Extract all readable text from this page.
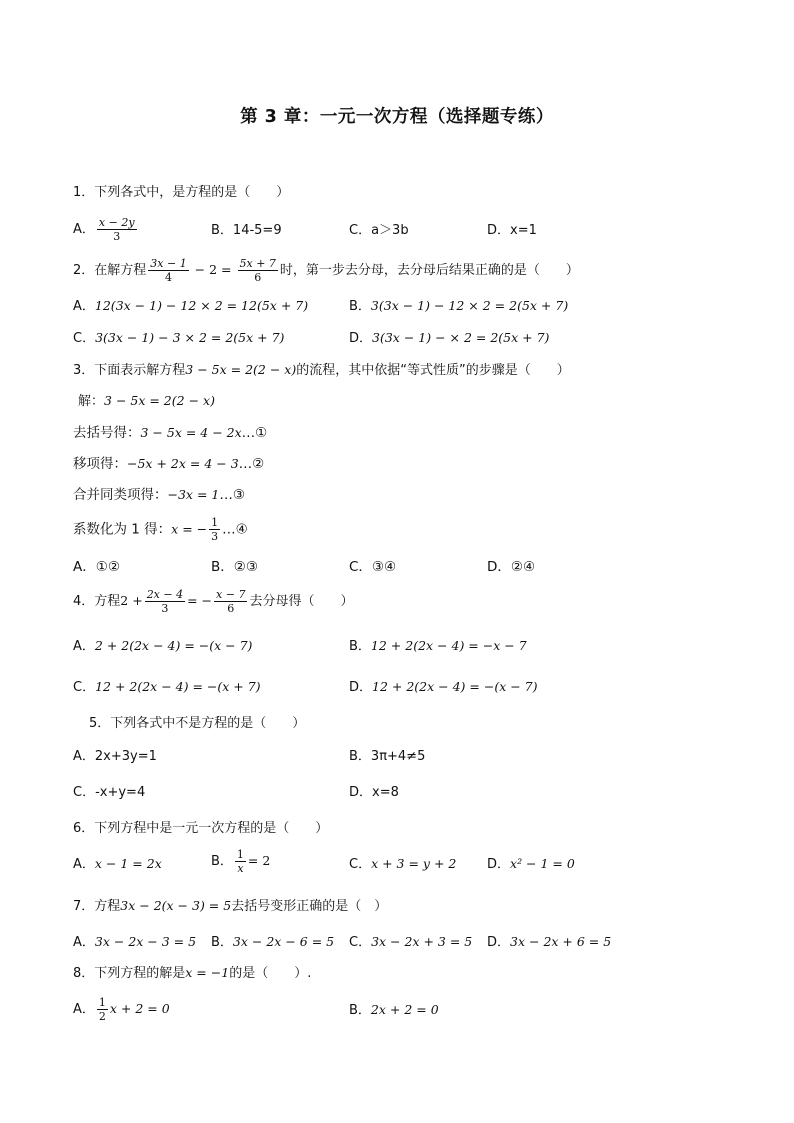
第 3 章：一元一次方程（选择题专练）
1．下列各式中，是方程的是（　　）
A． $\frac{x - 2y}{3}$	B．14-5=9	C．a＞3b	D．x=1
2．在解方程 $\frac{3x - 1}{4} - 2 = \frac{5x + 7}{6}$ 时，第一步去分母，去分母后结果正确的是（　　）
A．12(3x − 1) − 12 × 2 = 12(5x + 7)	B．3(3x − 1) − 12 × 2 = 2(5x + 7)
C．3(3x − 1) − 3 × 2 = 2(5x + 7)	D．3(3x − 1) − × 2 = 2(5x + 7)
3．下面表示解方程3 − 5x = 2(2 − x)的流程，其中依据“等式性质”的步骤是（　　）
解：3 − 5x = 2(2 − x)
去括号得：3 − 5x = 4 − 2x…①
移项得：−5x + 2x = 4 − 3…②
合并同类项得：−3x = 1…③
系数化为 1 得：x = − $\frac{1}{3}$ …④
A．①②	B．②③	C．③④	D．②④
4．方程$2 + \frac{2x - 4}{3}$ = − $\frac{x - 7}{6}$ 去分母得（　　）
A．2 + 2(2x − 4) = −(x − 7)	B．12 + 2(2x − 4) = −x − 7
C．12 + 2(2x − 4) = −(x + 7)	D．12 + 2(2x − 4) = −(x − 7)
5．下列各式中不是方程的是（　　）
A．2x+3y=1	B．3π+4≠5
C．-x+y=4	D．x=8
6．下列方程中是一元一次方程的是（　　）
A．x − 1 = 2x	B． $\frac{1}{x} = 2$	C．x + 3 = y + 2 D．x² − 1 = 0
7．方程3x − 2(x − 3) = 5去括号变形正确的是（　）
A．3x − 2x − 3 = 5 B．3x − 2x − 6 = 5 C．3x − 2x + 3 = 5 D．3x − 2x + 6 = 5
8．下列方程的解是x = −1的是（　　）.
A． $\frac{1}{2}$ x + 2 = 0	B．2x + 2 = 0
